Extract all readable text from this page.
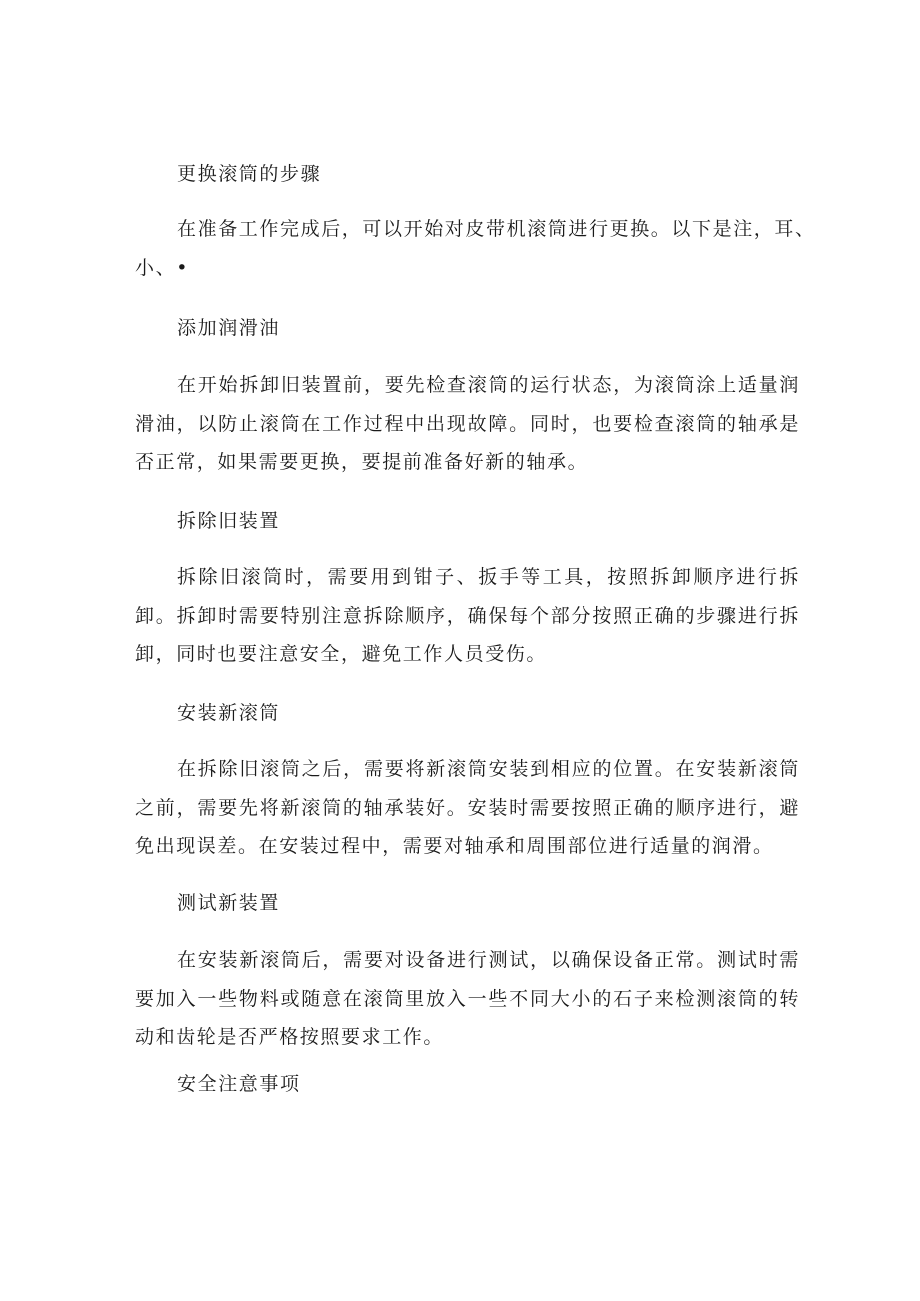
更换滚筒的步骤

在准备工作完成后，可以开始对皮带机滚筒进行更换。以下是注，耳、
小、•

添加润滑油

在开始拆卸旧装置前，要先检查滚筒的运行状态，为滚筒涂上适量润滑油，以防止滚筒在工作过程中出现故障。同时，也要检查滚筒的轴承是否正常，如果需要更换，要提前准备好新的轴承。

拆除旧装置

拆除旧滚筒时，需要用到钳子、扳手等工具，按照拆卸顺序进行拆卸。拆卸时需要特别注意拆除顺序，确保每个部分按照正确的步骤进行拆卸，同时也要注意安全，避免工作人员受伤。

安装新滚筒

在拆除旧滚筒之后，需要将新滚筒安装到相应的位置。在安装新滚筒之前，需要先将新滚筒的轴承装好。安装时需要按照正确的顺序进行，避免出现误差。在安装过程中，需要对轴承和周围部位进行适量的润滑。

测试新装置

在安装新滚筒后，需要对设备进行测试，以确保设备正常。测试时需要加入一些物料或随意在滚筒里放入一些不同大小的石子来检测滚筒的转动和齿轮是否严格按照要求工作。

安全注意事项
